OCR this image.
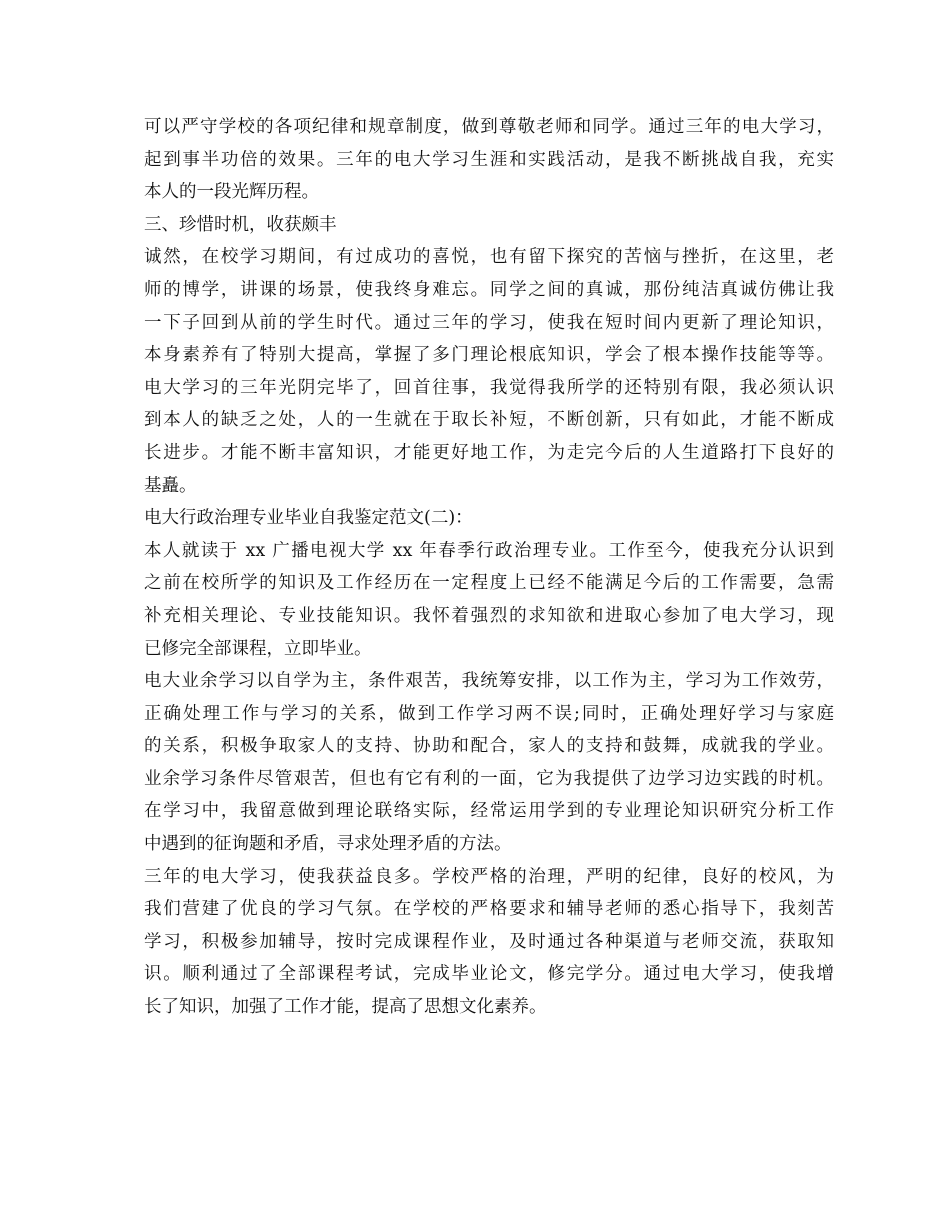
可以严守学校的各项纪律和规章制度，做到尊敬老师和同学。通过三年的电大学习，
起到事半功倍的效果。三年的电大学习生涯和实践活动，是我不断挑战自我，充实
本人的一段光辉历程。
三、珍惜时机，收获颇丰
诚然，在校学习期间，有过成功的喜悦，也有留下探究的苦恼与挫折，在这里，老
师的博学，讲课的场景，使我终身难忘。同学之间的真诚，那份纯洁真诚仿佛让我
一下子回到从前的学生时代。通过三年的学习，使我在短时间内更新了理论知识，
本身素养有了特别大提高，掌握了多门理论根底知识，学会了根本操作技能等等。
电大学习的三年光阴完毕了，回首往事，我觉得我所学的还特别有限，我必须认识
到本人的缺乏之处，人的一生就在于取长补短，不断创新，只有如此，才能不断成
长进步。才能不断丰富知识，才能更好地工作，为走完今后的人生道路打下良好的
基矗。
电大行政治理专业毕业自我鉴定范文(二)：
本人就读于 xx 广播电视大学 xx 年春季行政治理专业。工作至今，使我充分认识到
之前在校所学的知识及工作经历在一定程度上已经不能满足今后的工作需要，急需
补充相关理论、专业技能知识。我怀着强烈的求知欲和进取心参加了电大学习，现
已修完全部课程，立即毕业。
电大业余学习以自学为主，条件艰苦，我统筹安排，以工作为主，学习为工作效劳，
正确处理工作与学习的关系，做到工作学习两不误;同时，正确处理好学习与家庭
的关系，积极争取家人的支持、协助和配合，家人的支持和鼓舞，成就我的学业。
业余学习条件尽管艰苦，但也有它有利的一面，它为我提供了边学习边实践的时机。
在学习中，我留意做到理论联络实际，经常运用学到的专业理论知识研究分析工作
中遇到的征询题和矛盾，寻求处理矛盾的方法。
三年的电大学习，使我获益良多。学校严格的治理，严明的纪律，良好的校风，为
我们营建了优良的学习气氛。在学校的严格要求和辅导老师的悉心指导下，我刻苦
学习，积极参加辅导，按时完成课程作业，及时通过各种渠道与老师交流，获取知
识。顺利通过了全部课程考试，完成毕业论文，修完学分。通过电大学习，使我增
长了知识，加强了工作才能，提高了思想文化素养。
